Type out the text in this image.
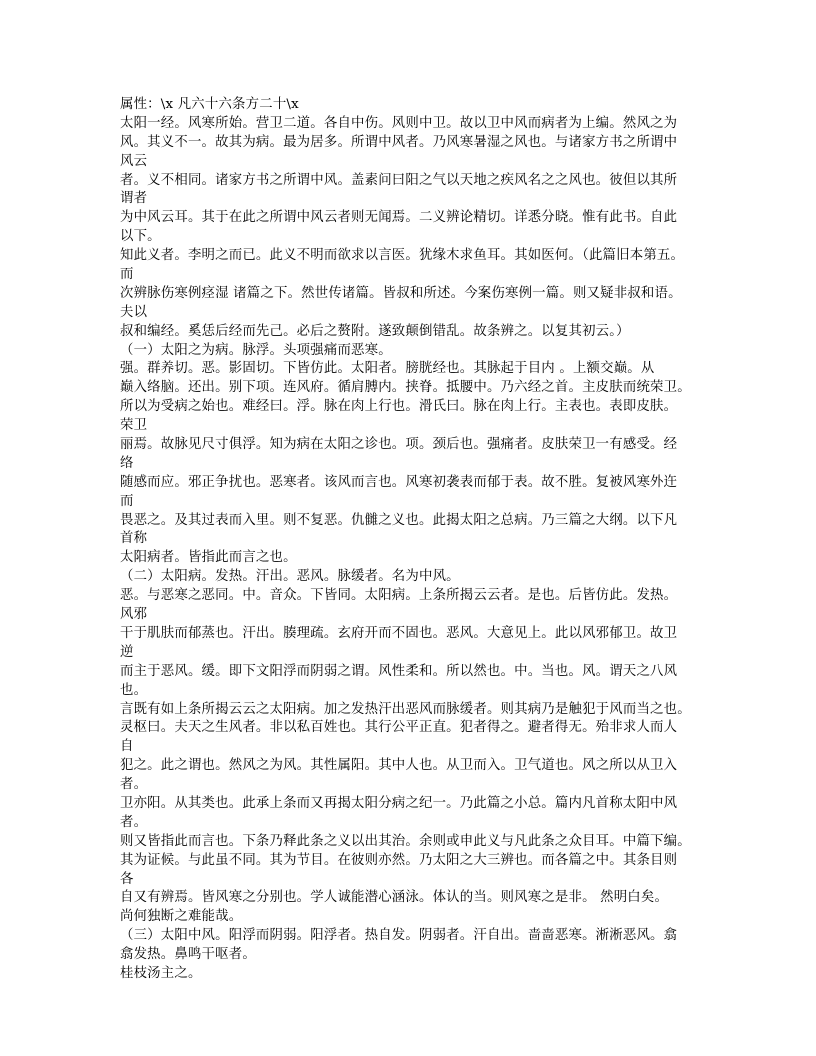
属性：\x 凡六十六条方二十\x
太阳一经。风寒所始。营卫二道。各自中伤。风则中卫。故以卫中风而病者为上编。然风之为
风。其义不一。故其为病。最为居多。所谓中风者。乃风寒暑湿之风也。与诸家方书之所谓中
风云
者。义不相同。诸家方书之所谓中风。盖素问曰阳之气以天地之疾风名之之风也。彼但以其所
谓者
为中风云耳。其于在此之所谓中风云者则无闻焉。二义辨论精切。详悉分晓。惟有此书。自此
以下。
知此义者。李明之而已。此义不明而欲求以言医。犹缘木求鱼耳。其如医何。（此篇旧本第五。
而
次辨脉伤寒例痉湿 诸篇之下。然世传诸篇。皆叔和所述。今案伤寒例一篇。则又疑非叔和语。
夫以
叔和编经。奚恁后经而先己。必后之赘附。遂致颠倒错乱。故条辨之。以复其初云。）
（一）太阳之为病。脉浮。头项强痛而恶寒。
强。群养切。恶。影固切。下皆仿此。太阳者。膀胱经也。其脉起于目内 。上额交巅。从
巅入络脑。还出。别下项。连风府。循肩膊内。挟脊。抵腰中。乃六经之首。主皮肤而统荣卫。
所以为受病之始也。难经曰。浮。脉在肉上行也。滑氏曰。脉在肉上行。主表也。表即皮肤。
荣卫
丽焉。故脉见尺寸俱浮。知为病在太阳之诊也。项。颈后也。强痛者。皮肤荣卫一有感受。经
络
随感而应。邪正争扰也。恶寒者。该风而言也。风寒初袭表而郁于表。故不胜。复被风寒外迕
而
畏恶之。及其过表而入里。则不复恶。仇雠之义也。此揭太阳之总病。乃三篇之大纲。以下凡
首称
太阳病者。皆指此而言之也。
（二）太阳病。发热。汗出。恶风。脉缓者。名为中风。
恶。与恶寒之恶同。中。音众。下皆同。太阳病。上条所揭云云者。是也。后皆仿此。发热。
风邪
干于肌肤而郁蒸也。汗出。腠理疏。玄府开而不固也。恶风。大意见上。此以风邪郁卫。故卫
逆
而主于恶风。缓。即下文阳浮而阴弱之谓。风性柔和。所以然也。中。当也。风。谓天之八风
也。
言既有如上条所揭云云之太阳病。加之发热汗出恶风而脉缓者。则其病乃是触犯于风而当之也。
灵枢曰。夫天之生风者。非以私百姓也。其行公平正直。犯者得之。避者得无。殆非求人而人
自
犯之。此之谓也。然风之为风。其性属阳。其中人也。从卫而入。卫气道也。风之所以从卫入
者。
卫亦阳。从其类也。此承上条而又再揭太阳分病之纪一。乃此篇之小总。篇内凡首称太阳中风
者。
则又皆指此而言也。下条乃释此条之义以出其治。余则或申此义与凡此条之众目耳。中篇下编。
其为证候。与此虽不同。其为节目。在彼则亦然。乃太阳之大三辨也。而各篇之中。其条目则
各
自又有辨焉。皆风寒之分别也。学人诚能潜心涵泳。体认的当。则风寒之是非。 然明白矣。
尚何独断之难能哉。
（三）太阳中风。阳浮而阴弱。阳浮者。热自发。阴弱者。汗自出。啬啬恶寒。淅淅恶风。翕
翕发热。鼻鸣干呕者。
桂枝汤主之。
